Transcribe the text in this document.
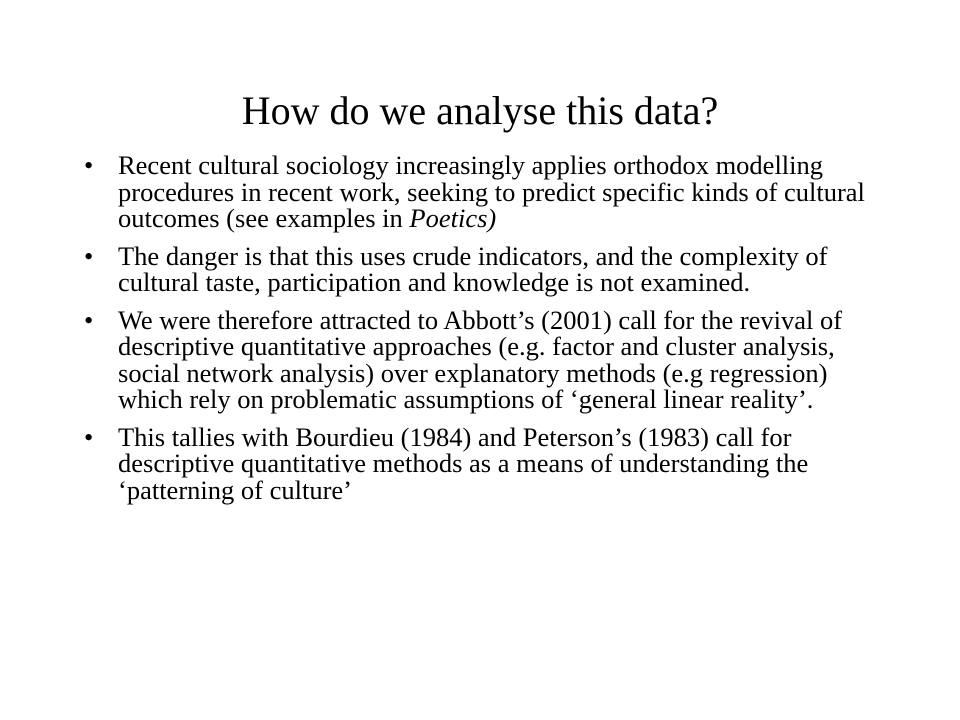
How do we analyse this data?
• Recent cultural sociology increasingly applies orthodox modelling procedures in recent work, seeking to predict specific kinds of cultural outcomes (see examples in Poetics)
• The danger is that this uses crude indicators, and the complexity of cultural taste, participation and knowledge is not examined.
• We were therefore attracted to Abbott’s (2001) call for the revival of descriptive quantitative approaches (e.g. factor and cluster analysis, social network analysis) over explanatory methods (e.g regression) which rely on problematic assumptions of ‘general linear reality’.
• This tallies with Bourdieu (1984) and Peterson’s (1983) call for descriptive quantitative methods as a means of understanding the ‘patterning of culture’
